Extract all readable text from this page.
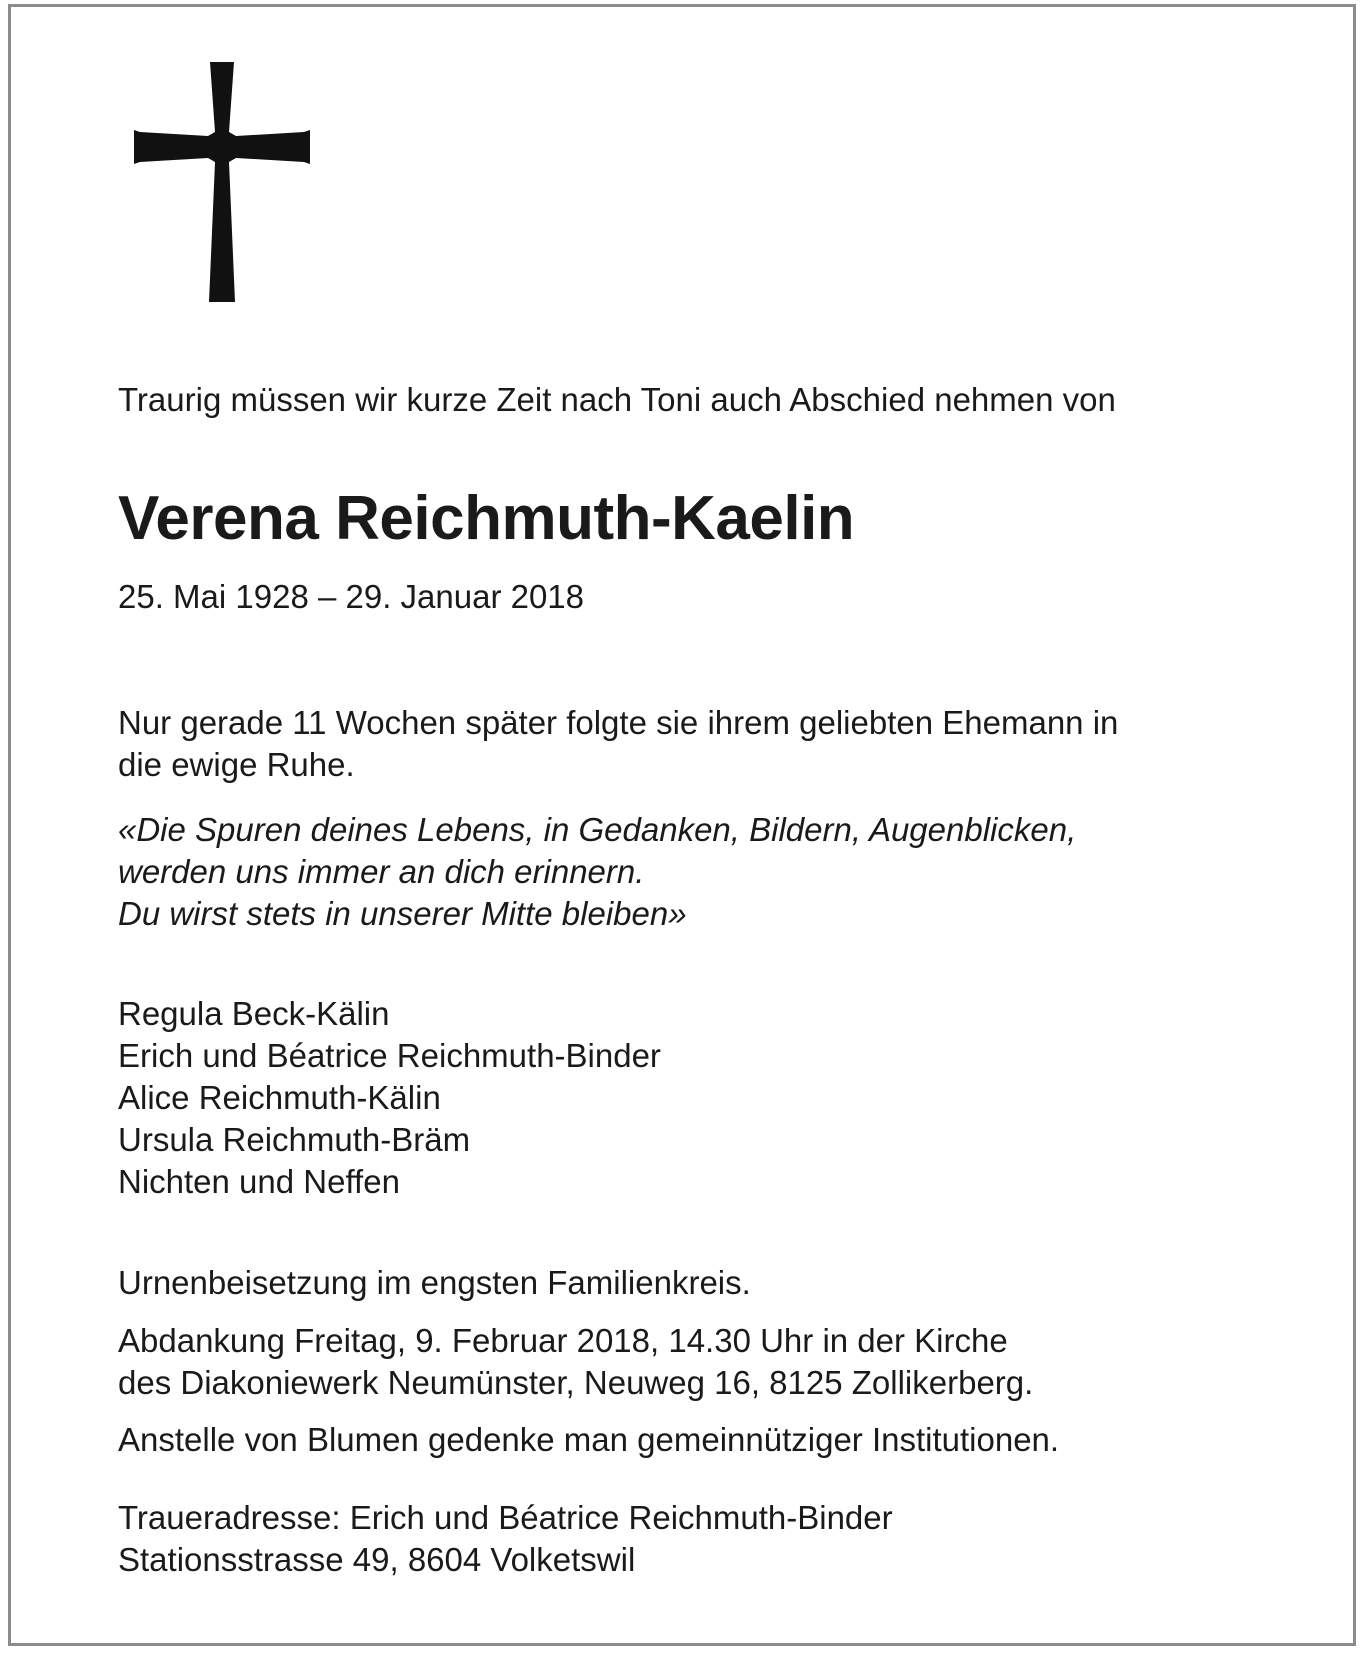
Traurig müssen wir kurze Zeit nach Toni auch Abschied nehmen von

Verena Reichmuth-Kaelin

25. Mai 1928 – 29. Januar 2018

Nur gerade 11 Wochen später folgte sie ihrem geliebten Ehemann in
die ewige Ruhe.
«Die Spuren deines Lebens, in Gedanken, Bildern, Augenblicken,
werden uns immer an dich erinnern.
Du wirst stets in unserer Mitte bleiben»
Regula Beck-Kälin
Erich und Béatrice Reichmuth-Binder
Alice Reichmuth-Kälin
Ursula Reichmuth-Bräm
Nichten und Neffen

Urnenbeisetzung im engsten Familienkreis.

Abdankung Freitag, 9. Februar 2018, 14.30 Uhr in der Kirche
des Diakoniewerk Neumünster, Neuweg 16, 8125 Zollikerberg.

Anstelle von Blumen gedenke man gemeinnütziger Institutionen.

Traueradresse: Erich und Béatrice Reichmuth-Binder
Stationsstrasse 49, 8604 Volketswil
